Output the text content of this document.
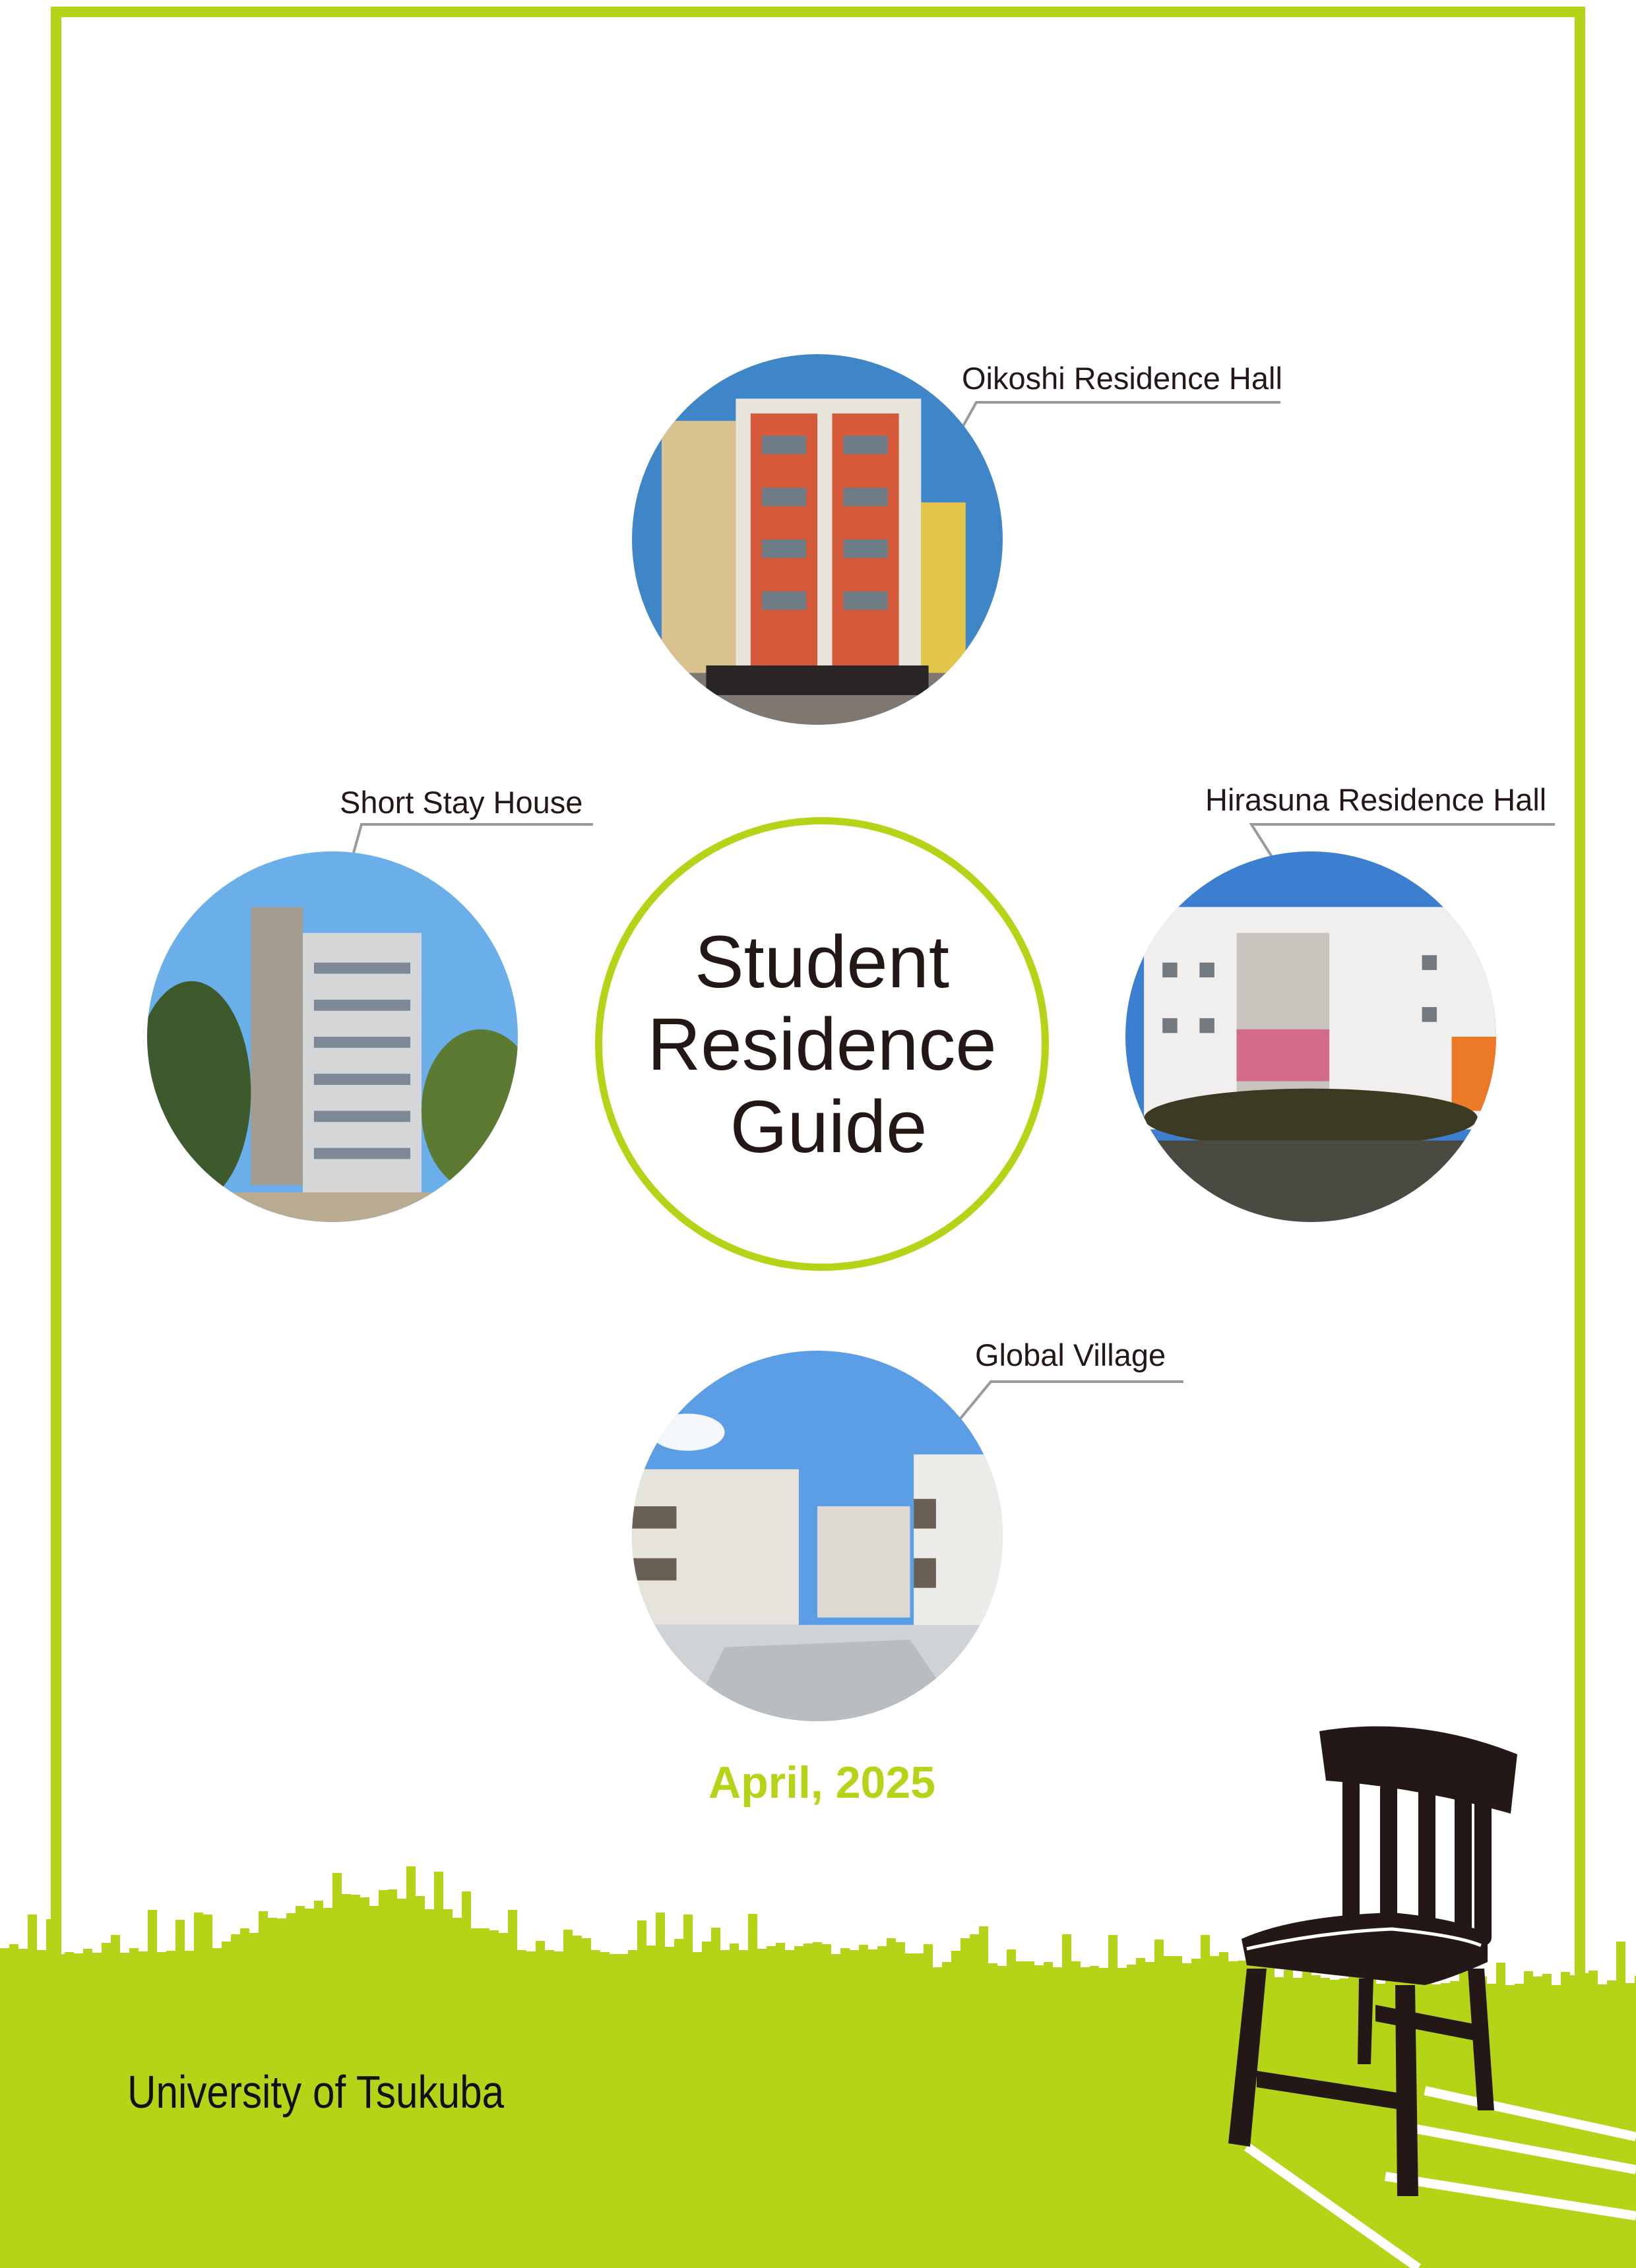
Oikoshi Residence Hall
Short Stay House	Hirasuna Residence Hall
Global Village
Student
Residence
Guide
April, 2025
University of Tsukuba
